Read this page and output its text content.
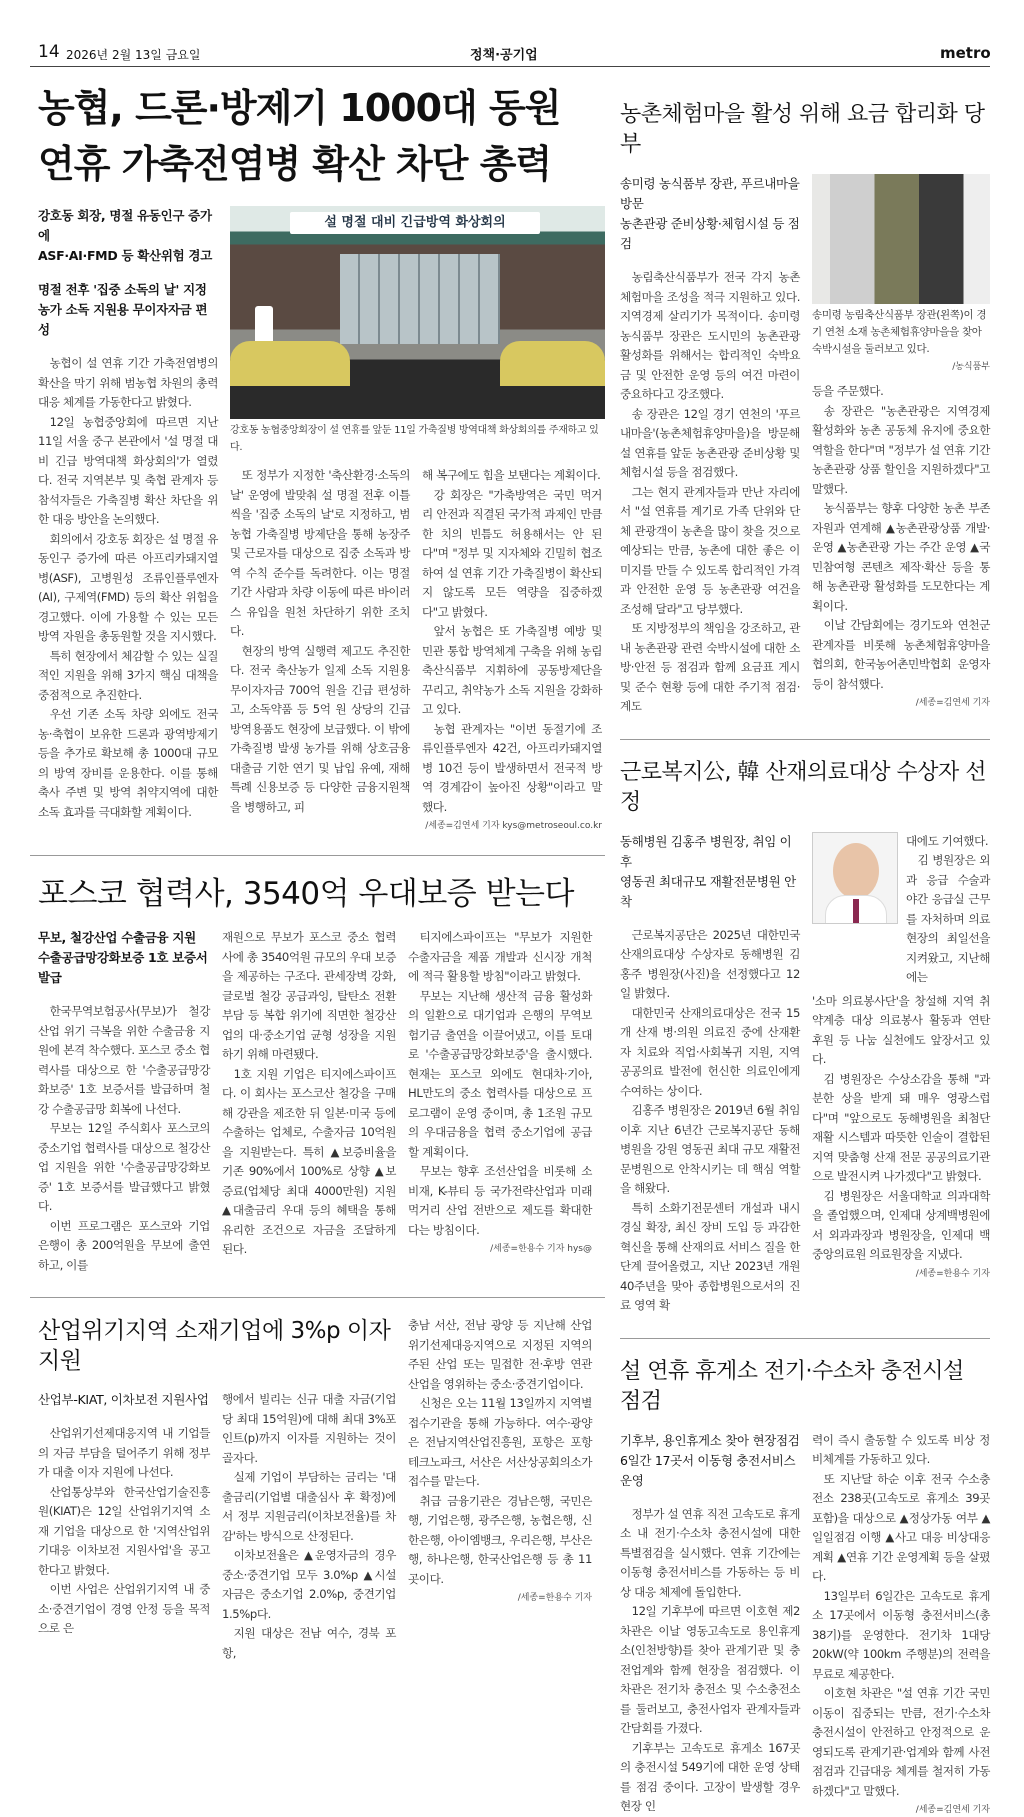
14 2026년 2월 13일 금요일	정책·공기업	metro
농협, 드론·방제기 1000대 동원
연휴 가축전염병 확산 차단 총력
강호동 회장, 명절 유동인구 증가에
ASF·AI·FMD 등 확산위험 경고
명절 전후 '집중 소독의 날' 지정
농가 소독 지원용 무이자자금 편성

농협이 설 연휴 기간 가축전염병의 확산을 막기 위해 범농협 차원의 총력 대응 체계를 가동한다고 밝혔다.

12일 농협중앙회에 따르면 지난 11일 서울 중구 본관에서 '설 명절 대비 긴급 방역대책 화상회의'가 열렸다. 전국 지역본부 및 축협 관계자 등 참석자들은 가축질병 확산 차단을 위한 대응 방안을 논의했다.

회의에서 강호동 회장은 설 명절 유동인구 증가에 따른 아프리카돼지열병(ASF), 고병원성 조류인플루엔자(AI), 구제역(FMD) 등의 확산 위험을 경고했다. 이에 가용할 수 있는 모든 방역 자원을 총동원할 것을 지시했다.

특히 현장에서 체감할 수 있는 실질적인 지원을 위해 3가지 핵심 대책을 중점적으로 추진한다.

우선 기존 소독 차량 외에도 전국 농·축협이 보유한 드론과 광역방제기 등을 추가로 확보해 총 1000대 규모의 방역 장비를 운용한다. 이를 통해 축사 주변 및 방역 취약지역에 대한 소독 효과를 극대화할 계획이다.

설 명절 대비 긴급방역 화상회의
강호동 농협중앙회장이 설 연휴를 앞둔 11일 가축질병 방역대책 화상회의를 주재하고 있다.

또 정부가 지정한 '축산환경·소독의 날' 운영에 발맞춰 설 명절 전후 이틀씩을 '집중 소독의 날'로 지정하고, 범농협 가축질병 방제단을 통해 농장주 및 근로자를 대상으로 집중 소독과 방역 수칙 준수를 독려한다. 이는 명절 기간 사람과 차량 이동에 따른 바이러스 유입을 원천 차단하기 위한 조치다.

현장의 방역 실행력 제고도 추진한다. 전국 축산농가 일제 소독 지원용 무이자자금 700억 원을 긴급 편성하고, 소독약품 등 5억 원 상당의 긴급 방역용품도 현장에 보급했다. 이 밖에 가축질병 발생 농가를 위해 상호금융 대출금 기한 연기 및 납입 유예, 재해특례 신용보증 등 다양한 금융지원책을 병행하고, 피

해 복구에도 힘을 보탠다는 계획이다.

강 회장은 "가축방역은 국민 먹거리 안전과 직결된 국가적 과제인 만큼 한 치의 빈틈도 허용해서는 안 된다"며 "정부 및 지자체와 긴밀히 협조하여 설 연휴 기간 가축질병이 확산되지 않도록 모든 역량을 집중하겠다"고 밝혔다.

앞서 농협은 또 가축질병 예방 및 민관 통합 방역체계 구축을 위해 농림축산식품부 지휘하에 공동방제단을 꾸리고, 취약농가 소독 지원을 강화하고 있다.

농협 관계자는 "이번 동절기에 조류인플루엔자 42건, 아프리카돼지열병 10건 등이 발생하면서 전국적 방역 경계감이 높아진 상황"이라고 말했다.

/세종=김연세 기자 kys@metroseoul.co.kr
포스코 협력사, 3540억 우대보증 받는다
무보, 철강산업 수출금융 지원
수출공급망강화보증 1호 보증서 발급

한국무역보험공사(무보)가 철강산업 위기 극복을 위한 수출금융 지원에 본격 착수했다. 포스코 중소 협력사를 대상으로 한 '수출공급망강화보증' 1호 보증서를 발급하며 철강 수출공급망 회복에 나선다.

무보는 12일 주식회사 포스코의 중소기업 협력사를 대상으로 철강산업 지원을 위한 '수출공급망강화보증' 1호 보증서를 발급했다고 밝혔다.

이번 프로그램은 포스코와 기업은행이 총 200억원을 무보에 출연하고, 이를

재원으로 무보가 포스코 중소 협력사에 총 3540억원 규모의 우대 보증을 제공하는 구조다. 관세장벽 강화, 글로벌 철강 공급과잉, 탈탄소 전환 부담 등 복합 위기에 직면한 철강산업의 대·중소기업 균형 성장을 지원하기 위해 마련됐다.

1호 지원 기업은 티지에스파이프다. 이 회사는 포스코산 철강을 구매해 강관을 제조한 뒤 일본·미국 등에 수출하는 업체로, 수출자금 10억원을 지원받는다. 특히 ▲보증비율을 기존 90%에서 100%로 상향 ▲보증료(업체당 최대 4000만원) 지원 ▲대출금리 우대 등의 혜택을 통해 유리한 조건으로 자금을 조달하게 된다.

티지에스파이프는 "무보가 지원한 수출자금을 제품 개발과 신시장 개척에 적극 활용할 방침"이라고 밝혔다.

무보는 지난해 생산적 금융 활성화의 일환으로 대기업과 은행의 무역보험기금 출연을 이끌어냈고, 이를 토대로 '수출공급망강화보증'을 출시했다. 현재는 포스코 외에도 현대차·기아, HL만도의 중소 협력사를 대상으로 프로그램이 운영 중이며, 총 1조원 규모의 우대금융을 협력 중소기업에 공급할 계획이다.

무보는 향후 조선산업을 비롯해 소비재, K-뷰티 등 국가전략산업과 미래 먹거리 산업 전반으로 제도를 확대한다는 방침이다.

/세종=한용수 기자 hys@
산업위기지역 소재기업에 3%p 이자 지원
산업부-KIAT, 이차보전 지원사업

산업위기선제대응지역 내 기업들의 자금 부담을 덜어주기 위해 정부가 대출 이자 지원에 나선다.

산업통상부와 한국산업기술진흥원(KIAT)은 12일 산업위기지역 소재 기업을 대상으로 한 '지역산업위기대응 이차보전 지원사업'을 공고한다고 밝혔다.

이번 사업은 산업위기지역 내 중소·중견기업이 경영 안정 등을 목적으로 은

행에서 빌리는 신규 대출 자금(기업당 최대 15억원)에 대해 최대 3%포인트(p)까지 이자를 지원하는 것이 골자다.

실제 기업이 부담하는 금리는 '대출금리(기업별 대출심사 후 확정)에서 정부 지원금리(이차보전율)를 차감'하는 방식으로 산정된다.

이차보전율은 ▲운영자금의 경우 중소·중견기업 모두 3.0%p ▲시설자금은 중소기업 2.0%p, 중견기업 1.5%p다.

지원 대상은 전남 여수, 경북 포항,

충남 서산, 전남 광양 등 지난해 산업위기선제대응지역으로 지정된 지역의 주된 산업 또는 밀접한 전·후방 연관 산업을 영위하는 중소·중견기업이다.

신청은 오는 11월 13일까지 지역별 접수기관을 통해 가능하다. 여수·광양은 전남지역산업진흥원, 포항은 포항테크노파크, 서산은 서산상공회의소가 접수를 맡는다.

취급 금융기관은 경남은행, 국민은행, 기업은행, 광주은행, 농협은행, 신한은행, 아이엠뱅크, 우리은행, 부산은행, 하나은행, 한국산업은행 등 총 11곳이다.

/세종=한용수 기자
농촌체험마을 활성 위해 요금 합리화 당부
송미령 농식품부 장관, 푸르내마을 방문
농촌관광 준비상황·체험시설 등 점검

농림축산식품부가 전국 각지 농촌체험마을 조성을 적극 지원하고 있다. 지역경제 살리기가 목적이다. 송미령 농식품부 장관은 도시민의 농촌관광 활성화를 위해서는 합리적인 숙박요금 및 안전한 운영 등의 여건 마련이 중요하다고 강조했다.

송 장관은 12일 경기 연천의 '푸르내마을'(농촌체험휴양마을)을 방문해 설 연휴를 앞둔 농촌관광 준비상황 및 체험시설 등을 점검했다.

그는 현지 관계자들과 만난 자리에서 "설 연휴를 계기로 가족 단위와 단체 관광객이 농촌을 많이 찾을 것으로 예상되는 만큼, 농촌에 대한 좋은 이미지를 만들 수 있도록 합리적인 가격과 안전한 운영 등 농촌관광 여건을 조성해 달라"고 당부했다.

또 지방정부의 책임을 강조하고, 관내 농촌관광 관련 숙박시설에 대한 소방·안전 등 점검과 함께 요금표 게시 및 준수 현황 등에 대한 주기적 점검·계도

송미령 농림축산식품부 장관(왼쪽)이 경기 연천 소재 농촌체험휴양마을을 찾아 숙박시설을 둘러보고 있다.
/농식품부

등을 주문했다.

송 장관은 "농촌관광은 지역경제 활성화와 농촌 공동체 유지에 중요한 역할을 한다"며 "정부가 설 연휴 기간 농촌관광 상품 할인을 지원하겠다"고 말했다.

농식품부는 향후 다양한 농촌 부존자원과 연계해 ▲농촌관광상품 개발·운영 ▲농촌관광 가는 주간 운영 ▲국민참여형 콘텐츠 제작·확산 등을 통해 농촌관광 활성화를 도모한다는 계획이다.

이날 간담회에는 경기도와 연천군 관계자를 비롯해 농촌체험휴양마을협의회, 한국농어촌민박협회 운영자 등이 참석했다.

/세종=김연세 기자
근로복지公, 韓 산재의료대상 수상자 선정
동해병원 김홍주 병원장, 취임 이후
영동권 최대규모 재활전문병원 안착

근로복지공단은 2025년 대한민국 산재의료대상 수상자로 동해병원 김홍주 병원장(사진)을 선정했다고 12일 밝혔다.

대한민국 산재의료대상은 전국 15개 산재 병·의원 의료진 중에 산재환자 치료와 직업·사회복귀 지원, 지역 공공의료 발전에 헌신한 의료인에게 수여하는 상이다.

김홍주 병원장은 2019년 6월 취임 이후 지난 6년간 근로복지공단 동해병원을 강원 영동권 최대 규모 재활전문병원으로 안착시키는 데 핵심 역할을 해왔다.

특히 소화기전문센터 개설과 내시경실 확장, 최신 장비 도입 등 과감한 혁신을 통해 산재의료 서비스 질을 한 단계 끌어올렸고, 지난 2023년 개원 40주년을 맞아 종합병원으로서의 진료 영역 확

대에도 기여했다.

김 병원장은 외과 응급 수술과 야간 응급실 근무를 자처하며 의료 현장의 최일선을 지켜왔고, 지난해에는

'소마 의료봉사단'을 창설해 지역 취약계층 대상 의료봉사 활동과 연탄 후원 등 나눔 실천에도 앞장서고 있다.

김 병원장은 수상소감을 통해 "과분한 상을 받게 돼 매우 영광스럽다"며 "앞으로도 동해병원을 최첨단 재활 시스템과 따뜻한 인술이 결합된 지역 맞춤형 산재 전문 공공의료기관으로 발전시켜 나가겠다"고 밝혔다.

김 병원장은 서울대학교 의과대학을 졸업했으며, 인제대 상계백병원에서 외과과장과 병원장을, 인제대 백중앙의료원 의료원장을 지냈다.

/세종=한용수 기자
설 연휴 휴게소 전기·수소차 충전시설 점검
기후부, 용인휴게소 찾아 현장점검
6일간 17곳서 이동형 충전서비스 운영

정부가 설 연휴 직전 고속도로 휴게소 내 전기·수소차 충전시설에 대한 특별점검을 실시했다. 연휴 기간에는 이동형 충전서비스를 가동하는 등 비상 대응 체제에 돌입한다.

12일 기후부에 따르면 이호현 제2 차관은 이날 영동고속도로 용인휴게소(인천방향)를 찾아 관계기관 및 충전업계와 함께 현장을 점검했다. 이 차관은 전기차 충전소 및 수소충전소를 둘러보고, 충전사업자 관계자들과 간담회를 가졌다.

기후부는 고속도로 휴게소 167곳의 충전시설 549기에 대한 운영 상태를 점검 중이다. 고장이 발생할 경우 현장 인

력이 즉시 출동할 수 있도록 비상 정비체계를 가동하고 있다.

또 지난달 하순 이후 전국 수소충전소 238곳(고속도로 휴게소 39곳 포함)을 대상으로 ▲정상가동 여부 ▲일일점검 이행 ▲사고 대응 비상대응계획 ▲연휴 기간 운영계획 등을 살폈다.

13일부터 6일간은 고속도로 휴게소 17곳에서 이동형 충전서비스(총 38기)를 운영한다. 전기차 1대당 20kW(약 100km 주행분)의 전력을 무료로 제공한다.

이호현 차관은 "설 연휴 기간 국민 이동이 집중되는 만큼, 전기·수소차 충전시설이 안전하고 안정적으로 운영되도록 관계기관·업계와 함께 사전 점검과 긴급대응 체계를 철저히 가동하겠다"고 말했다.

/세종=김연세 기자
